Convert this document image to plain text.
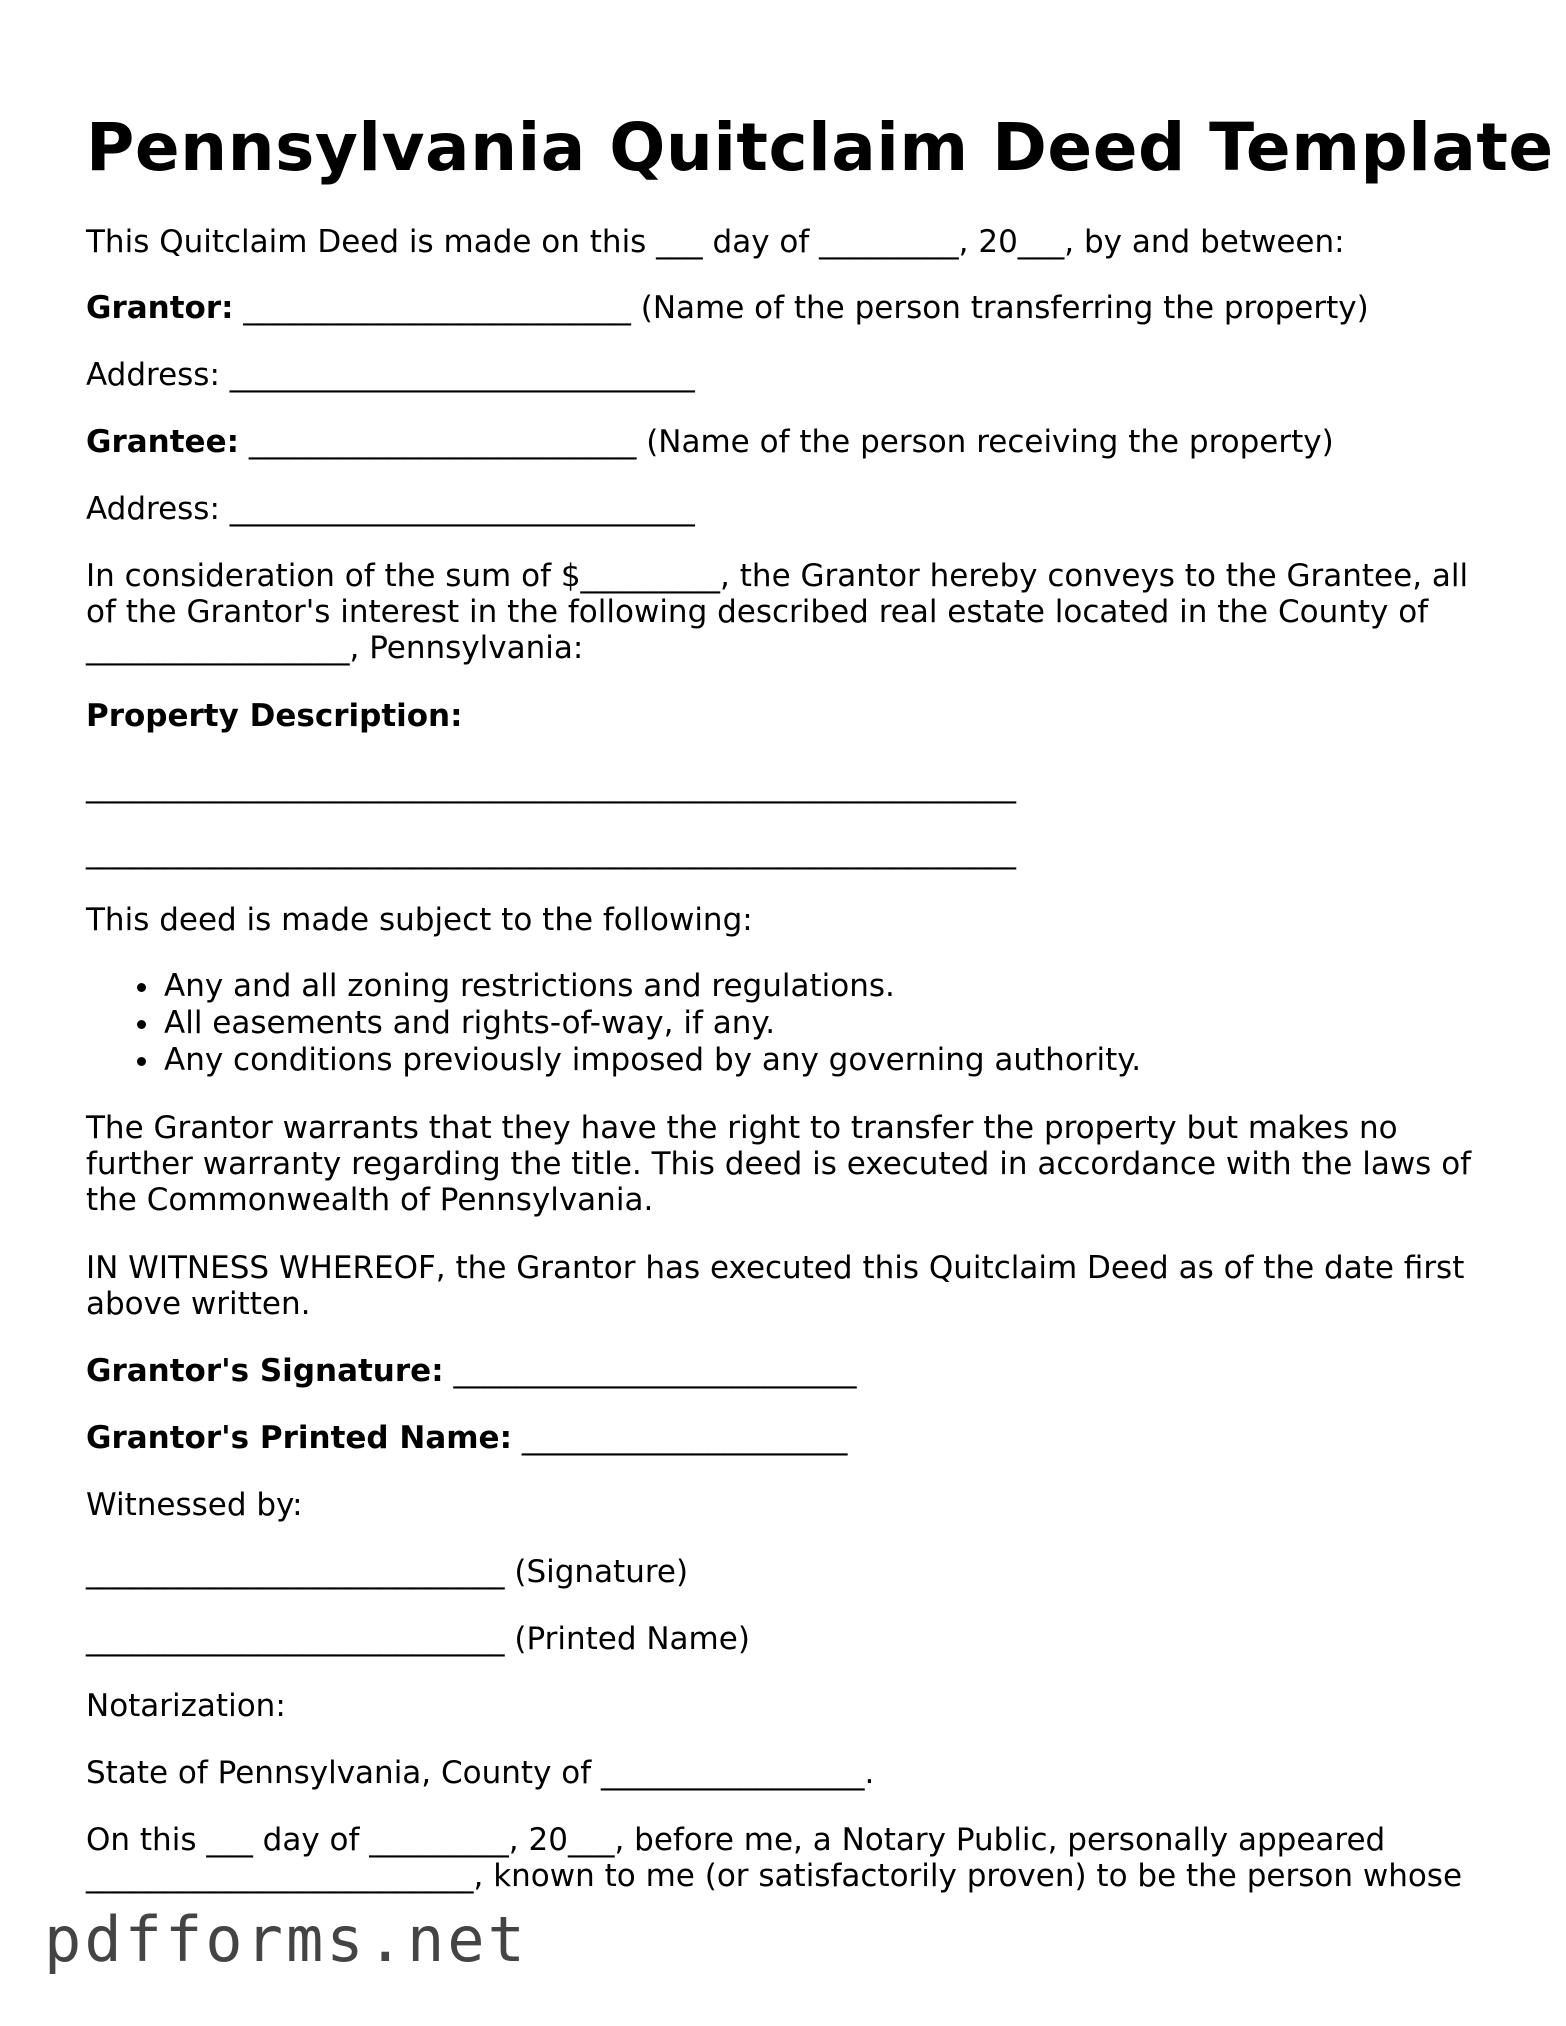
Pennsylvania Quitclaim Deed Template
This Quitclaim Deed is made on this ___ day of _________, 20___, by and between:
Grantor: _________________________ (Name of the person transferring the property)
Address: ______________________________
Grantee: _________________________ (Name of the person receiving the property)
Address: ______________________________
In consideration of the sum of $_________, the Grantor hereby conveys to the Grantee, all
of the Grantor's interest in the following described real estate located in the County of
_________________, Pennsylvania:
Property Description:
____________________________________________________________
____________________________________________________________
This deed is made subject to the following:
• Any and all zoning restrictions and regulations.
• All easements and rights-of-way, if any.
• Any conditions previously imposed by any governing authority.
The Grantor warrants that they have the right to transfer the property but makes no
further warranty regarding the title. This deed is executed in accordance with the laws of
the Commonwealth of Pennsylvania.
IN WITNESS WHEREOF, the Grantor has executed this Quitclaim Deed as of the date first
above written.
Grantor's Signature: __________________________
Grantor's Printed Name: _____________________
Witnessed by:
___________________________ (Signature)
___________________________ (Printed Name)
Notarization:
State of Pennsylvania, County of _________________.
On this ___ day of _________, 20___, before me, a Notary Public, personally appeared
_________________________, known to me (or satisfactorily proven) to be the person whose
pdfforms.net
